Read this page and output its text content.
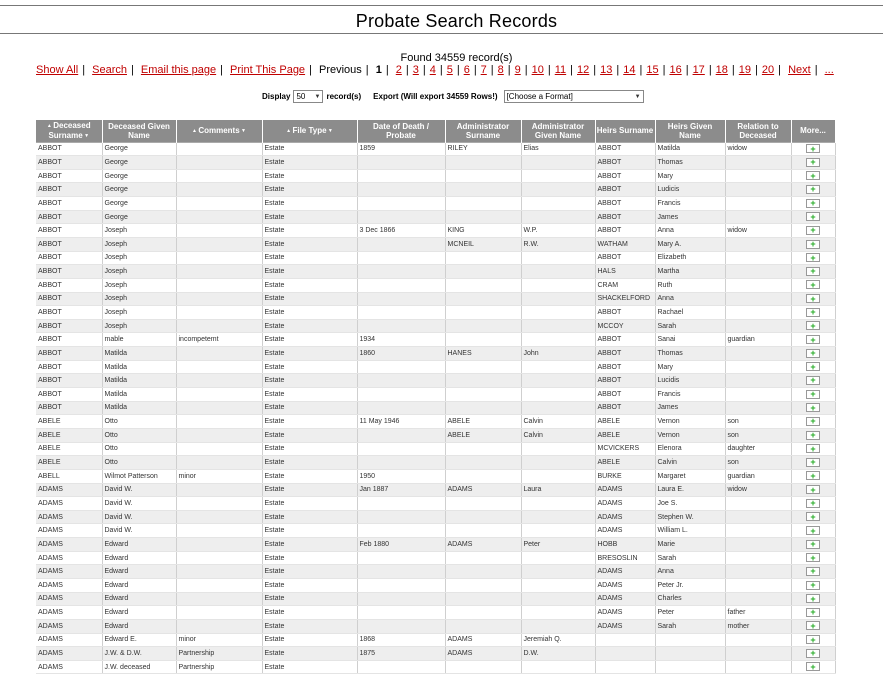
Probate Search Records
Found 34559 record(s)
Show All | Search | Email this page | Print This Page | Previous | 1 | 2 | 3 | 4 | 5 | 6 | 7 | 8 | 9 | 10 | 11 | 12 | 13 | 14 | 15 | 16 | 17 | 18 | 19 | 20 | Next | ...
Display 50 ▼ record(s) Export (Will export 34559 Rows!) [Choose a Format]	▼
▲ Deceased Surname ▼	Deceased Given Name	▲ Comments ▼	▲ File Type ▼	Date of Death / Probate	Administrator Surname	Administrator Given Name	Heirs Surname	Heirs Given Name	Relation to Deceased	More...
ABBOT	George		Estate	1859	RILEY	Elias	ABBOT	Matilda	widow	+
ABBOT	George		Estate				ABBOT	Thomas		+
ABBOT	George		Estate				ABBOT	Mary		+
ABBOT	George		Estate				ABBOT	Ludicis		+
ABBOT	George		Estate				ABBOT	Francis		+
ABBOT	George		Estate				ABBOT	James		+
ABBOT	Joseph		Estate	3 Dec 1866	KING	W.P.	ABBOT	Anna	widow	+
ABBOT	Joseph		Estate		MCNEIL	R.W.	WATHAM	Mary A.		+
ABBOT	Joseph		Estate				ABBOT	Elizabeth		+
ABBOT	Joseph		Estate				HALS	Martha		+
ABBOT	Joseph		Estate				CRAM	Ruth		+
ABBOT	Joseph		Estate				SHACKELFORD	Anna		+
ABBOT	Joseph		Estate				ABBOT	Rachael		+
ABBOT	Joseph		Estate				MCCOY	Sarah		+
ABBOT	mable	incompetemt	Estate	1934			ABBOT	Sanai	guardian	+
ABBOT	Matilda		Estate	1860	HANES	John	ABBOT	Thomas		+
ABBOT	Matilda		Estate				ABBOT	Mary		+
ABBOT	Matilda		Estate				ABBOT	Lucidis		+
ABBOT	Matilda		Estate				ABBOT	Francis		+
ABBOT	Matilda		Estate				ABBOT	James		+
ABELE	Otto		Estate	11 May 1946	ABELE	Calvin	ABELE	Vernon	son	+
ABELE	Otto		Estate		ABELE	Calvin	ABELE	Vernon	son	+
ABELE	Otto		Estate				MCVICKERS	Elenora	daughter	+
ABELE	Otto		Estate				ABELE	Calvin	son	+
ABELL	Wilmot Patterson	minor	Estate	1950			BURKE	Margaret	guardian	+
ADAMS	David W.		Estate	Jan 1887	ADAMS	Laura	ADAMS	Laura E.	widow	+
ADAMS	David W.		Estate				ADAMS	Joe S.		+
ADAMS	David W.		Estate				ADAMS	Stephen W.		+
ADAMS	David W.		Estate				ADAMS	William L.		+
ADAMS	Edward		Estate	Feb 1880	ADAMS	Peter	HOBB	Marie		+
ADAMS	Edward		Estate				BRESOSLIN	Sarah		+
ADAMS	Edward		Estate				ADAMS	Anna		+
ADAMS	Edward		Estate				ADAMS	Peter Jr.		+
ADAMS	Edward		Estate				ADAMS	Charles		+
ADAMS	Edward		Estate				ADAMS	Peter	father	+
ADAMS	Edward		Estate				ADAMS	Sarah	mother	+
ADAMS	Edward E.	minor	Estate	1868	ADAMS	Jeremiah Q.				+
ADAMS	J.W. & D.W.	Partnership	Estate	1875	ADAMS	D.W.				+
ADAMS	J.W. deceased	Partnership	Estate							+
